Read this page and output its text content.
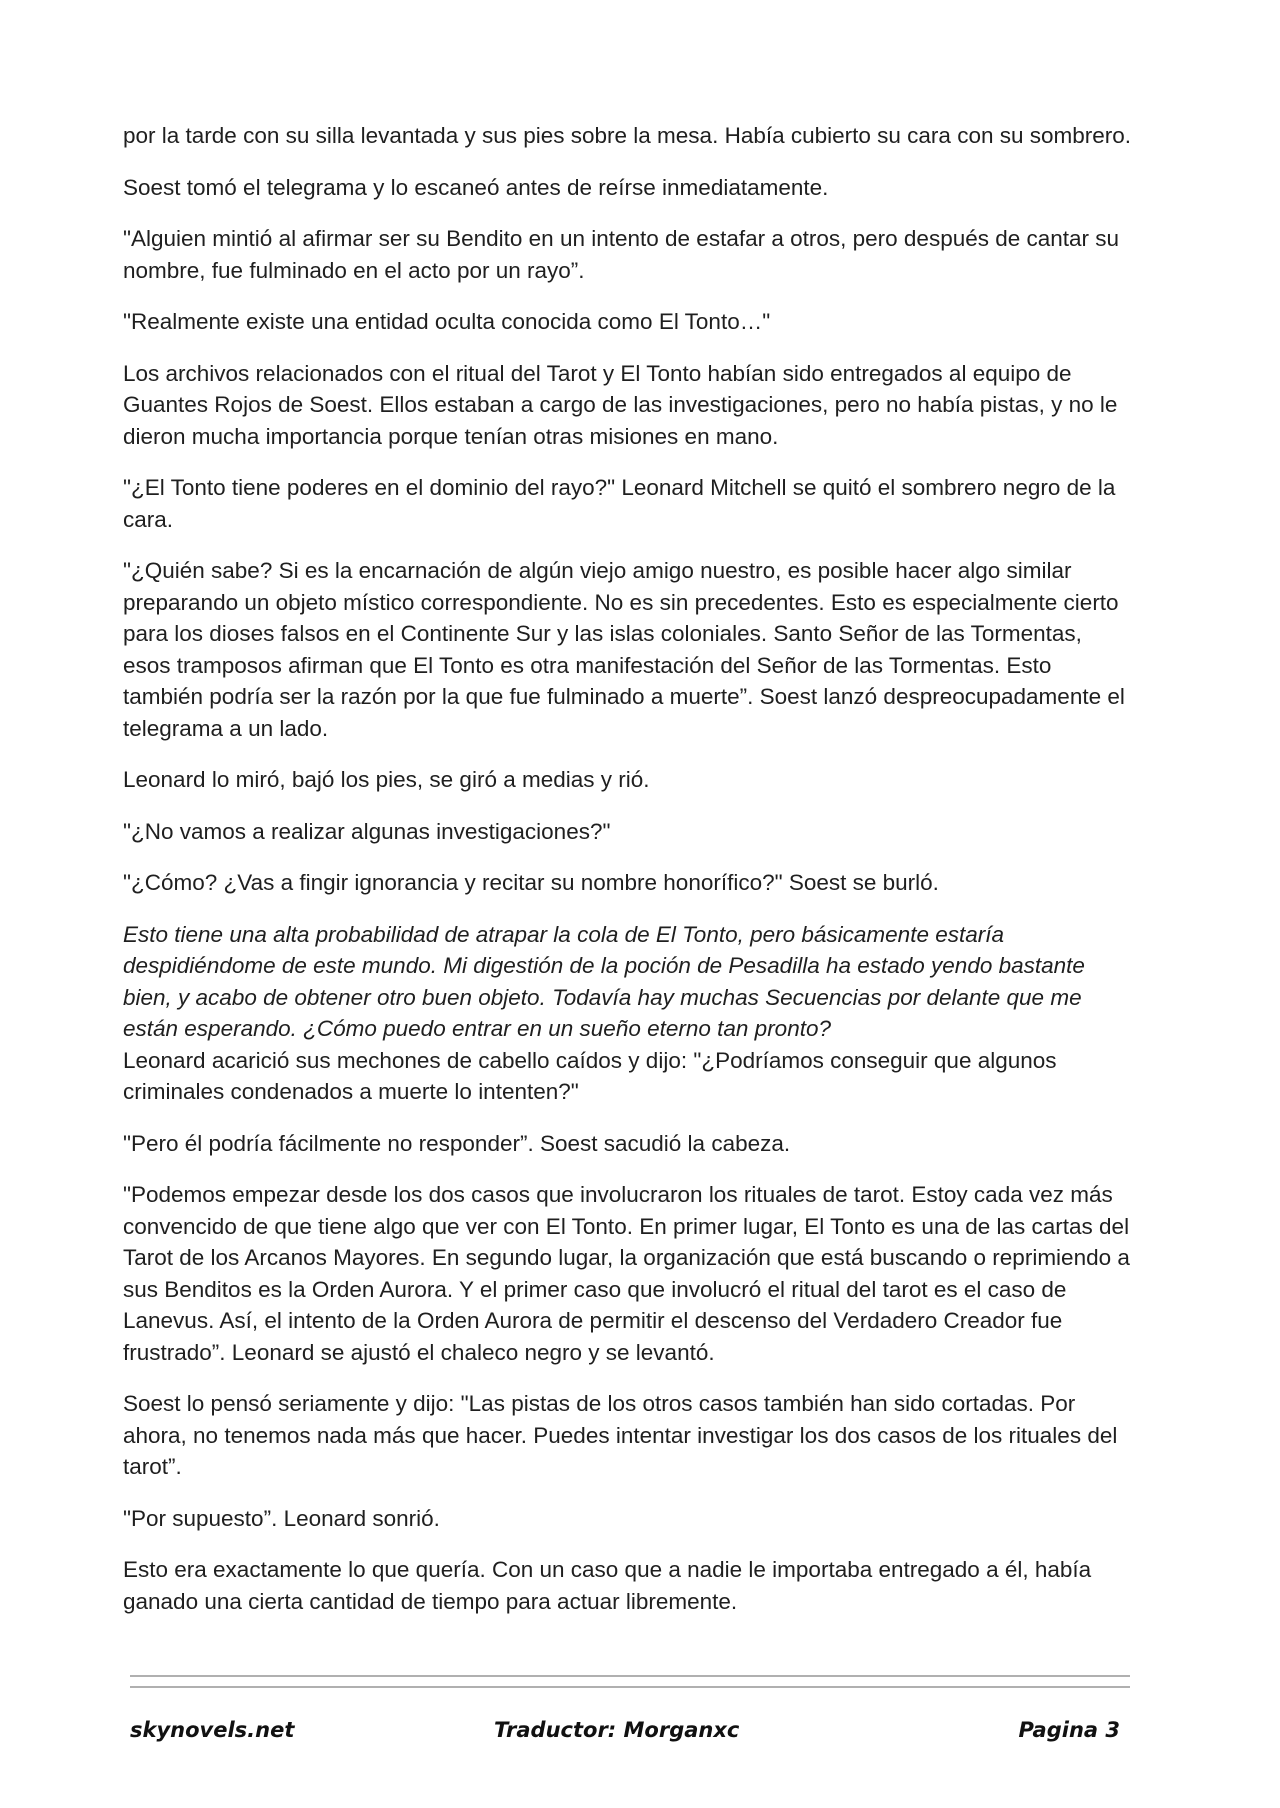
por la tarde con su silla levantada y sus pies sobre la mesa. Había cubierto su cara con su sombrero.

Soest tomó el telegrama y lo escaneó antes de reírse inmediatamente.

"Alguien mintió al afirmar ser su Bendito en un intento de estafar a otros, pero después de cantar su nombre, fue fulminado en el acto por un rayo”.

"Realmente existe una entidad oculta conocida como El Tonto…"

Los archivos relacionados con el ritual del Tarot y El Tonto habían sido entregados al equipo de Guantes Rojos de Soest. Ellos estaban a cargo de las investigaciones, pero no había pistas, y no le dieron mucha importancia porque tenían otras misiones en mano.

"¿El Tonto tiene poderes en el dominio del rayo?" Leonard Mitchell se quitó el sombrero negro de la cara.

"¿Quién sabe? Si es la encarnación de algún viejo amigo nuestro, es posible hacer algo similar preparando un objeto místico correspondiente. No es sin precedentes. Esto es especialmente cierto para los dioses falsos en el Continente Sur y las islas coloniales. Santo Señor de las Tormentas, esos tramposos afirman que El Tonto es otra manifestación del Señor de las Tormentas. Esto también podría ser la razón por la que fue fulminado a muerte”. Soest lanzó despreocupadamente el telegrama a un lado.

Leonard lo miró, bajó los pies, se giró a medias y rió.

"¿No vamos a realizar algunas investigaciones?"

"¿Cómo? ¿Vas a fingir ignorancia y recitar su nombre honorífico?" Soest se burló.

Esto tiene una alta probabilidad de atrapar la cola de El Tonto, pero básicamente estaría despidiéndome de este mundo. Mi digestión de la poción de Pesadilla ha estado yendo bastante bien, y acabo de obtener otro buen objeto. Todavía hay muchas Secuencias por delante que me están esperando. ¿Cómo puedo entrar en un sueño eterno tan pronto?

Leonard acarició sus mechones de cabello caídos y dijo: "¿Podríamos conseguir que algunos criminales condenados a muerte lo intenten?"

"Pero él podría fácilmente no responder”. Soest sacudió la cabeza.

"Podemos empezar desde los dos casos que involucraron los rituales de tarot. Estoy cada vez más convencido de que tiene algo que ver con El Tonto. En primer lugar, El Tonto es una de las cartas del Tarot de los Arcanos Mayores. En segundo lugar, la organización que está buscando o reprimiendo a sus Benditos es la Orden Aurora. Y el primer caso que involucró el ritual del tarot es el caso de Lanevus. Así, el intento de la Orden Aurora de permitir el descenso del Verdadero Creador fue frustrado”. Leonard se ajustó el chaleco negro y se levantó.

Soest lo pensó seriamente y dijo: "Las pistas de los otros casos también han sido cortadas. Por ahora, no tenemos nada más que hacer. Puedes intentar investigar los dos casos de los rituales del tarot”.

"Por supuesto”. Leonard sonrió.

Esto era exactamente lo que quería. Con un caso que a nadie le importaba entregado a él, había ganado una cierta cantidad de tiempo para actuar libremente.

skynovels.net	Traductor: Morganxc	Pagina 3
